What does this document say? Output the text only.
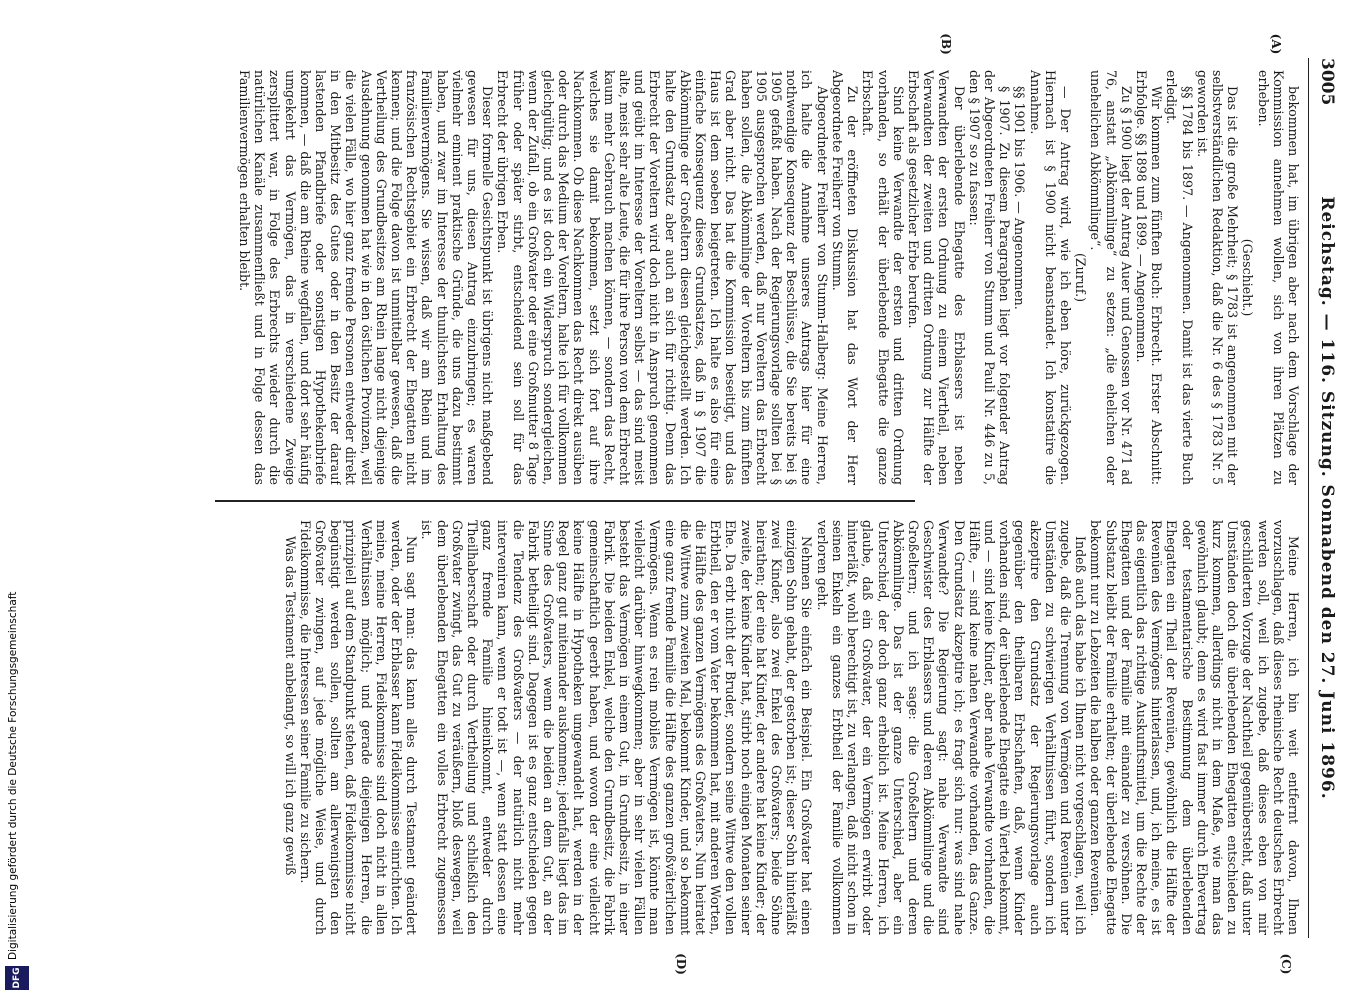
3005
Reichstag. — 116. Sitzung. Sonnabend den 27. Juni 1896.
(A)
(B)
(C)
(D)

bekommen hat, im übrigen aber nach dem Vorschlage der Kommission annehmen wollen, sich von ihren Plätzen zu erheben.

(Geschieht.)

Das ist die große Mehrheit; § 1783 ist angenommen mit der selbstverständlichen Redaktion, daß die Nr. 6 des § 1783 Nr. 5 geworden ist.

§§ 1784 bis 1897. — Angenommen. Damit ist das vierte Buch erledigt.

Wir kommen zum fünften Buch: Erbrecht. Erster Abschnitt: Erbfolge. §§ 1898 und 1899. — Angenommen.

Zu § 1900 liegt der Antrag Auer und Genossen vor Nr. 471 ad 76, anstatt „Abkömmlinge“ zu setzen: „die ehelichen oder unehelichen Abkömmlinge“.

(Zuruf.)

— Der Antrag wird, wie ich eben höre, zurückgezogen. Hiernach ist § 1900 nicht beanstandet. Ich konstatire die Annahme.

§§ 1901 bis 1906. — Angenommen.

§ 1907. Zu diesem Paragraphen liegt vor folgender Antrag der Abgeordneten Freiherr von Stumm und Pauli Nr. 446 zu 5, den § 1907 so zu fassen:

Der überlebende Ehegatte des Erblassers ist neben Verwandten der ersten Ordnung zu einem Viertheil, neben Verwandten der zweiten und dritten Ordnung zur Hälfte der Erbschaft als gesetzlicher Erbe berufen.

Sind keine Verwandte der ersten und dritten Ordnung vorhanden, so erhält der überlebende Ehegatte die ganze Erbschaft.

Zu der eröffneten Diskussion hat das Wort der Herr Abgeordnete Freiherr von Stumm.

Abgeordneter Freiherr von Stumm-Halberg: Meine Herren, ich halte die Annahme unseres Antrags hier für eine nothwendige Konsequenz der Beschlüsse, die Sie bereits bei § 1905 gefaßt haben. Nach der Regierungsvorlage sollten bei § 1905 ausgesprochen werden, daß nur Voreltern das Erbrecht haben sollen, die Abkömmlinge der Voreltern bis zum fünften Grad aber nicht. Das hat die Kommission beseitigt, und das Haus ist dem soeben beigetreten. Ich halte es also für eine einfache Konsequenz dieses Grundsatzes, daß in § 1907 die Abkömmlinge der Großeltern diesen gleichgestellt werden. Ich halte den Grundsatz aber auch an sich für richtig. Denn das Erbrecht der Voreltern wird doch nicht in Anspruch genommen und geübt im Interesse der Voreltern selbst — das sind meist alte, meist sehr alte Leute, die für ihre Person von dem Erbrecht kaum mehr Gebrauch machen können, — sondern das Recht, welches sie damit bekommen, setzt sich fort auf ihre Nachkommen. Ob diese Nachkommen das Recht direkt ausüben oder durch das Medium der Voreltern, halte ich für vollkommen gleichgültig; und es ist doch ein Widerspruch sondergleichen, wenn der Zufall, ob ein Großvater oder eine Großmutter 8 Tage früher oder später stirbt, entscheidend sein soll für das Erbrecht der übrigen Erben.

Dieser formelle Gesichtspunkt ist übrigens nicht maßgebend gewesen für uns, diesen Antrag einzubringen; es waren vielmehr eminent praktische Gründe, die uns dazu bestimmt haben, und zwar im Interesse der thunlichsten Erhaltung des Familienvermögens. Sie wissen, daß wir am Rhein und im französischen Rechtsgebiet ein Erbrecht der Ehegatten nicht kennen; und die Folge davon ist unmittelbar gewesen, daß die Vertheilung des Grundbesitzes am Rhein lange nicht diejenige Ausdehnung genommen hat wie in den östlichen Provinzen, weil die vielen Fälle, wo hier ganz fremde Personen entweder direkt in den Mitbesitz des Gutes oder in den Besitz der darauf lastenden Pfandbriefe oder sonstigen Hypothekenbriefe kommen, — daß die am Rheine wegfallen, und dort sehr häufig umgekehrt das Vermögen, das in verschiedene Zweige zersplittert war, in Folge des Erbrechts wieder durch die natürlichen Kanäle zusammenfließt und in Folge dessen das Familienvermögen erhalten bleibt.

Meine Herren, ich bin weit entfernt davon, Ihnen vorzuschlagen, daß dieses rheinische Recht deutsches Erbrecht werden soll, weil ich zugebe, daß dieses eben von mir geschilderten Vorzuge der Nachtheil gegenübersteht, daß unter Umständen doch die überlebenden Ehegatten entschieden zu kurz kommen, allerdings nicht in dem Maße, wie man das gewöhnlich glaubt; denn es wird fast immer durch Ehevertrag oder testamentarische Bestimmung dem überlebenden Ehegatten ein Theil der Revenüen, gewöhnlich die Hälfte der Revenüen des Vermögens hinterlassen, und, ich meine, es ist das eigentlich das richtige Auskunftsmittel, um die Rechte der Ehegatten und der Familie mit einander zu versöhnen. Die Substanz bleibt der Familie erhalten; der überlebende Ehegatte bekommt nur zu Lebzeiten die halben oder ganzen Revenüen.

Indeß auch das habe ich Ihnen nicht vorgeschlagen, weil ich zugebe, daß die Trennung von Vermögen und Revenüen unter Umständen zu schwierigen Verhältnissen führt, sondern ich akzeptire den Grundsatz der Regierungsvorlage auch gegenüber den theilbaren Erbschaften, daß, wenn Kinder vorhanden sind, der überlebende Ehegatte ein Viertel bekommt, und — sind keine Kinder, aber nahe Verwandte vorhanden, die Hälfte, — sind keine nahen Verwandte vorhanden, das Ganze. Den Grundsatz akzeptire ich; es fragt sich nur: was sind nahe Verwandte? Die Regierung sagt: nahe Verwandte sind Geschwister des Erblassers und deren Abkömmlinge und die Großeltern; und ich sage: die Großeltern und deren Abkömmlinge. Das ist der ganze Unterschied, aber ein Unterschied, der doch ganz erheblich ist. Meine Herren, ich glaube, daß ein Großvater, der ein Vermögen erwirbt oder hinterläßt, wohl berechtigt ist, zu verlangen, daß nicht schon in seinen Enkeln ein ganzes Erbtheil der Familie vollkommen verloren geht.

Nehmen Sie einfach ein Beispiel. Ein Großvater hat einen einzigen Sohn gehabt, der gestorben ist; dieser Sohn hinterläßt zwei Kinder, also zwei Enkel des Großvaters; beide Söhne heirathen; der eine hat Kinder, der andere hat keine Kinder; der zweite, der keine Kinder hat, stirbt noch einigen Monaten seiner Ehe. Da erbt nicht der Bruder, sondern seine Wittwe den vollen Erbtheil, den er vom Vater bekommen hat, mit anderen Worten, die Hälfte des ganzen Vermögens des Großvaters. Nun heiratet die Wittwe zum zweiten Mal, bekommt Kinder, und so bekommt eine ganz fremde Familie die Hälfte des ganzen großväterlichen Vermögens. Wenn es rein mobiles Vermögen ist, könnte man vielleicht darüber hinwegkommen; aber in sehr vielen Fällen besteht das Vermögen in einem Gut, in Grundbesitz, in einer Fabrik. Die beiden Enkel, welche den Grundbesitz, die Fabrik gemeinschaftlich geerbt haben, und wovon der eine vielleicht keine Hälfte in Hypotheken umgewandelt hat, werden in der Regel ganz gut miteinander auskommen; jedenfalls liegt das im Sinne des Großvaters, wenn die beiden an dem Gut, an der Fabrik betheiligt sind. Dagegen ist es ganz entschieden gegen die Tendenz des Großvaters — der natürlich nicht mehr interveniren kann, wenn er todt ist —, wenn statt dessen eine ganz fremde Familie hineinkommt, entweder durch Theilhaberschaft oder durch Vertheilung und schließlich den Großvater zwingt, das Gut zu veräußern, bloß deswegen, weil dem überlebenden Ehegatten ein volles Erbrecht zugemessen ist.

Nun sagt man: das kann alles durch Testament geändert werden, oder der Erblasser kann Fideikommisse einrichten. Ich meine, meine Herren, Fideikommisse sind doch nicht in allen Verhältnissen möglich; und gerade diejenigen Herren, die prinzipiell auf dem Standpunkt stehen, daß Fideikommisse nicht begünstigt werden sollen, sollten am allerwenigsten den Großvater zwingen, auf jede mögliche Weise, und durch Fideikommisse, die Interessen seiner Familie zu sichern.

Was das Testament anbelangt, so will ich ganz gewiß

Digitalisierung gefördert durch die Deutsche Forschungsgemeinschaft
DFG
